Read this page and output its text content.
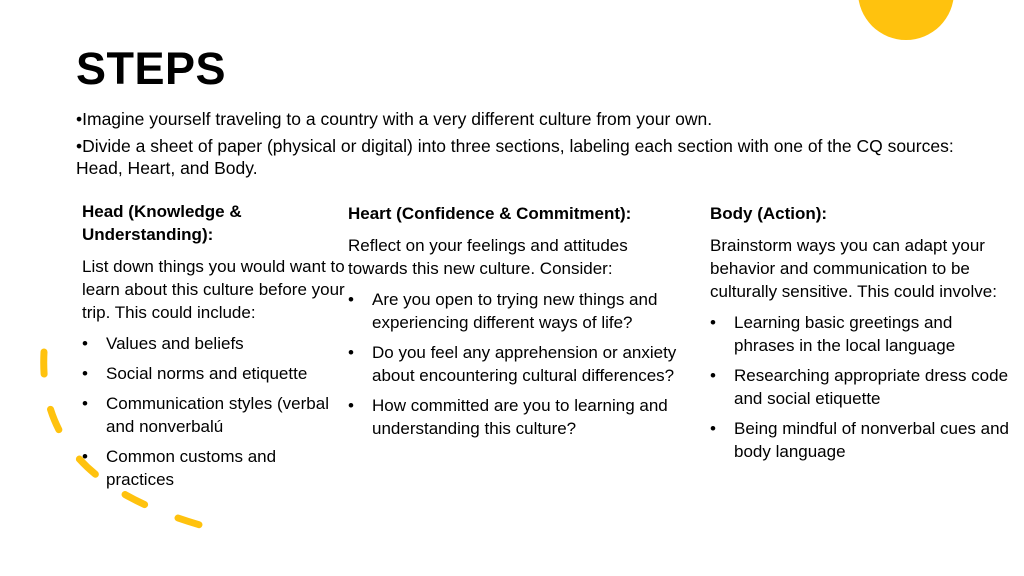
STEPS

•Imagine yourself traveling to a country with a very different culture from your own.

•Divide a sheet of paper (physical or digital) into three sections, labeling each section with one of the CQ sources: Head, Heart, and Body.

Head (Knowledge & Understanding):

List down things you would want to learn about this culture before your trip. This could include:

• Values and beliefs
• Social norms and etiquette
• Communication styles (verbal and nonverbalú
• Common customs and practices
Heart (Confidence & Commitment):

Reflect on your feelings and attitudes towards this new culture. Consider:

• Are you open to trying new things and experiencing different ways of life?
• Do you feel any apprehension or anxiety about encountering cultural differences?
• How committed are you to learning and understanding this culture?
Body (Action):

Brainstorm ways you can adapt your behavior and communication to be culturally sensitive. This could involve:

• Learning basic greetings and phrases in the local language
• Researching appropriate dress code and social etiquette
• Being mindful of nonverbal cues and body language
